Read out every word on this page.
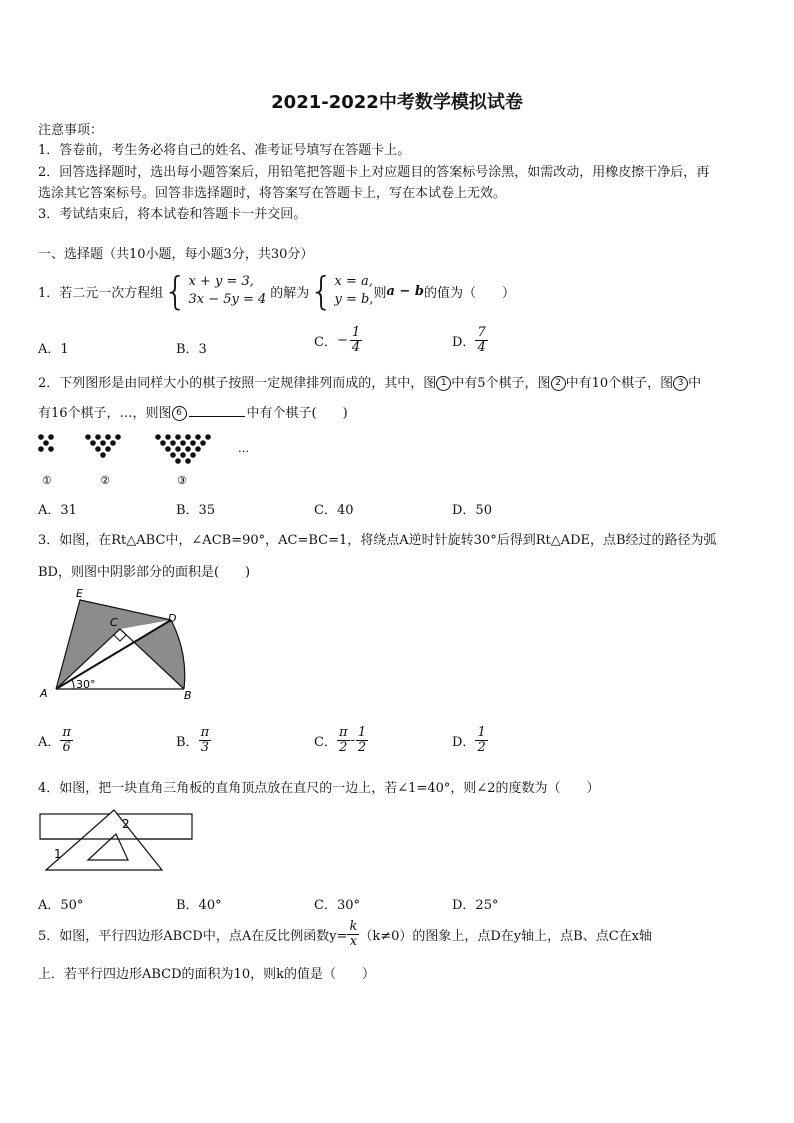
2021-2022中考数学模拟试卷
注意事项：
1．答卷前，考生务必将自己的姓名、准考证号填写在答题卡上。
2．回答选择题时，选出每小题答案后，用铅笔把答题卡上对应题目的答案标号涂黑，如需改动，用橡皮擦干净后，再
选涂其它答案标号。回答非选择题时，将答案写在答题卡上，写在本试卷上无效。
3．考试结束后，将本试卷和答题卡一并交回。
一、选择题（共10小题，每小题3分，共30分）
1．若二元一次方程组 { x + y = 3,
3x − 5y = 4 的解为 { x = a,
y = b, 则 a − b 的值为（　　）
A．1	B．3	C． − $\frac{1}{4}$	D． $\frac{7}{4}$
2．下列图形是由同样大小的棋子按照一定规律排列而成的，其中，图 1 中有5个棋子，图 2 中有10个棋子，图 3 中
有16个棋子，…，则图 6	中有个棋子(　　)
…
①	②	③
A．31	B．35	C．40	D．50
3．如图，在Rt△ABC中，∠ACB=90°，AC=BC=1，将绕点A逆时针旋转30°后得到Rt△ADE，点B经过的路径为弧
BD，则图中阴影部分的面积是(　　)
E
C	D
A	B
30°
A． $\frac{\pi}{6}$	B． $\frac{\pi}{3}$	C． $\frac{\pi}{2} - \frac{1}{2}$	D． $\frac{1}{2}$
4．如图，把一块直角三角板的直角顶点放在直尺的一边上，若∠1=40°，则∠2的度数为（　　）
2
1
A．50°	B．40°	C．30°	D．25°
5．如图，平行四边形ABCD中，点A在反比例函数$y= \frac{k}{x} (k\ne 0)$的图象上，点D在y轴上，点B、点C在x轴
上．若平行四边形ABCD的面积为10，则k的值是（　　）
